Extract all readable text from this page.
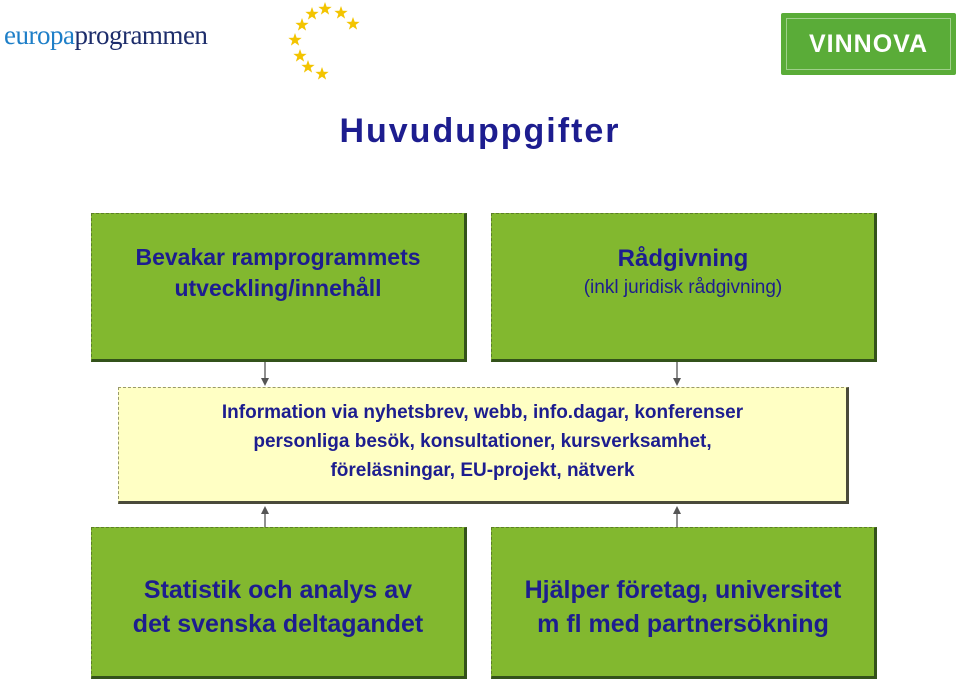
europaprogrammen	VINNOVA
Huvuduppgifter
Bevakar ramprogrammets
utveckling/innehåll
Rådgivning
(inkl juridisk rådgivning)
Information via nyhetsbrev, webb, info.dagar, konferenser
personliga besök, konsultationer, kursverksamhet,
föreläsningar, EU-projekt, nätverk
Statistik och analys av
det svenska deltagandet
Hjälper företag, universitet
m fl med partnersökning
